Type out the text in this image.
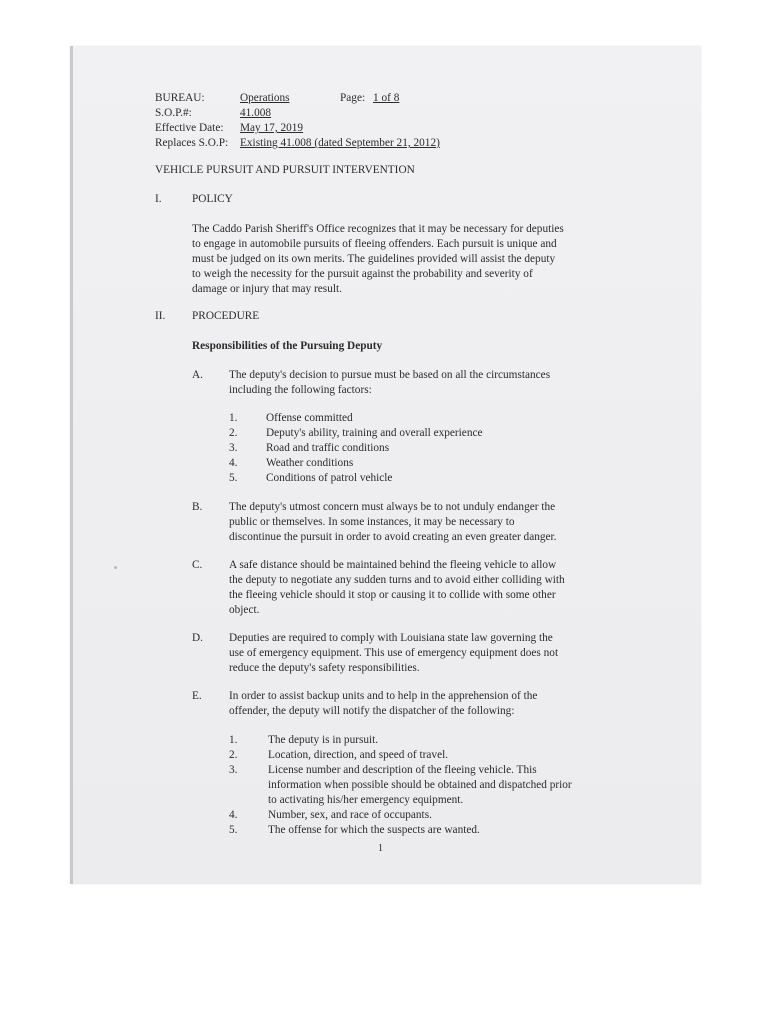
BUREAU:	Operations	Page: 1 of 8
S.O.P.#:	41.008
Effective Date: May 17, 2019
Replaces S.O.P: Existing 41.008 (dated September 21, 2012)
VEHICLE PURSUIT AND PURSUIT INTERVENTION
I.	POLICY
The Caddo Parish Sheriff's Office recognizes that it may be necessary for deputies
to engage in automobile pursuits of fleeing offenders. Each pursuit is unique and
must be judged on its own merits. The guidelines provided will assist the deputy
to weigh the necessity for the pursuit against the probability and severity of
damage or injury that may result.
II. PROCEDURE
Responsibilities of the Pursuing Deputy
A. The deputy's decision to pursue must be based on all the circumstances
including the following factors:
1.	Offense committed
2.	Deputy's ability, training and overall experience
3.	Road and traffic conditions
4.	Weather conditions
5.	Conditions of patrol vehicle
B. The deputy's utmost concern must always be to not unduly endanger the
public or themselves. In some instances, it may be necessary to
discontinue the pursuit in order to avoid creating an even greater danger.
C. A safe distance should be maintained behind the fleeing vehicle to allow
the deputy to negotiate any sudden turns and to avoid either colliding with
the fleeing vehicle should it stop or causing it to collide with some other
object.
D. Deputies are required to comply with Louisiana state law governing the
use of emergency equipment. This use of emergency equipment does not
reduce the deputy's safety responsibilities.
E. In order to assist backup units and to help in the apprehension of the
offender, the deputy will notify the dispatcher of the following:
1.	The deputy is in pursuit.
2.	Location, direction, and speed of travel.
3.	License number and description of the fleeing vehicle. This
information when possible should be obtained and dispatched prior
to activating his/her emergency equipment.
4.	Number, sex, and race of occupants.
5.	The offense for which the suspects are wanted.
1
